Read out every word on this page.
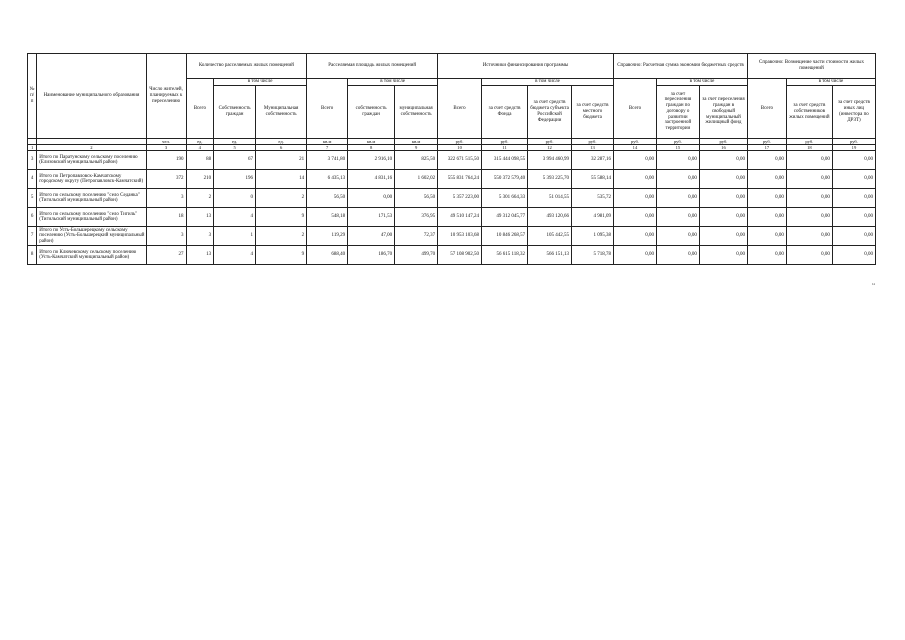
№ п/п	Наименование муниципального образования	Число жителей, планируемых к переселению	Количество расселяемых жилых помещений			Расселяемая площадь жилых помещений			Источники финансирования программы				Справочно: Расчетная сумма экономии бюджетных средств			Справочно: Возмещение части стоимости жилых помещений		
			Всего	в том числе		Всего	в том числе		Всего	в том числе			Всего	в том числе		Всего	в том числе	
				Собственность граждан	Муниципальная собственность		собственность граждан	муниципальная собственность		за счет средств Фонда	за счет средств бюджета субъекта Российской Федерации	за счет средств местного бюджета		за счет переселения граждан по договору о развитии застроенной территории	за счет переселения граждан в свободный муниципальный жилищный фонд		за счет средств собственников жилых помещений	за счет средств иных лиц (инвестора по ДРЗТ)
		чел.	ед.	ед.	ед.	кв.м	кв.м	кв.м	руб.	руб.	руб.	руб.	руб.	руб.	руб.	руб.	руб.	руб.
1	2	3	4	5	6	7	8	9	10	11	12	13	14	15	16	17	18	19
3	Итого по Паратунскому сельскому поселению (Елизовский муниципальный район)	190	88	67	21	3 741,80	2 916,10	825,50	322 671 515,50	315 444 098,55	3 994 460,99	32 287,16	0,00	0,00	0,00	0,00	0,00	0,00
4	Итого по Петропавловск-Камчатскому городскому округу (Петропавловск-Камчатский)	372	210	196	14	6 435,13	4 831,16	1 602,02	555 831 764,24	550 372 579,40	5 393 225,70	55 588,14	0,00	0,00	0,00	0,00	0,00	0,00
5	Итого по сельскому поселению "село Седанка" (Тигильский муниципальный район)	3	2	0	2	56,50	0,00	56,50	5 357 223,00	5 301 664,33	51 014,55	535,72	0,00	0,00	0,00	0,00	0,00	0,00
6	Итого по сельскому поселению "село Тигиль" (Тигильский муниципальный район)	18	13	4	9	548,18	171,53	376,95	49 510 147,24	49 312 045,77	493 120,66	4 981,09	0,00	0,00	0,00	0,00	0,00	0,00
7	Итого по Усть-Большерецкому сельскому поселению (Усть-Большерецкий муниципальный район)	3	3	1	2	119,29	47,00	72,37	10 953 103,68	10 846 268,57	105 442,55	1 095,38	0,00	0,00	0,00	0,00	0,00	0,00
8	Итого по Ключевскому сельскому поселению (Усть-Камчатский муниципальный район)	27	13	4	9	688,40	186,70	499,70	57 108 902,50	56 615 118,32	566 151,13	5 718,78	0,00	0,00	0,00	0,00	0,00	0,00
11
